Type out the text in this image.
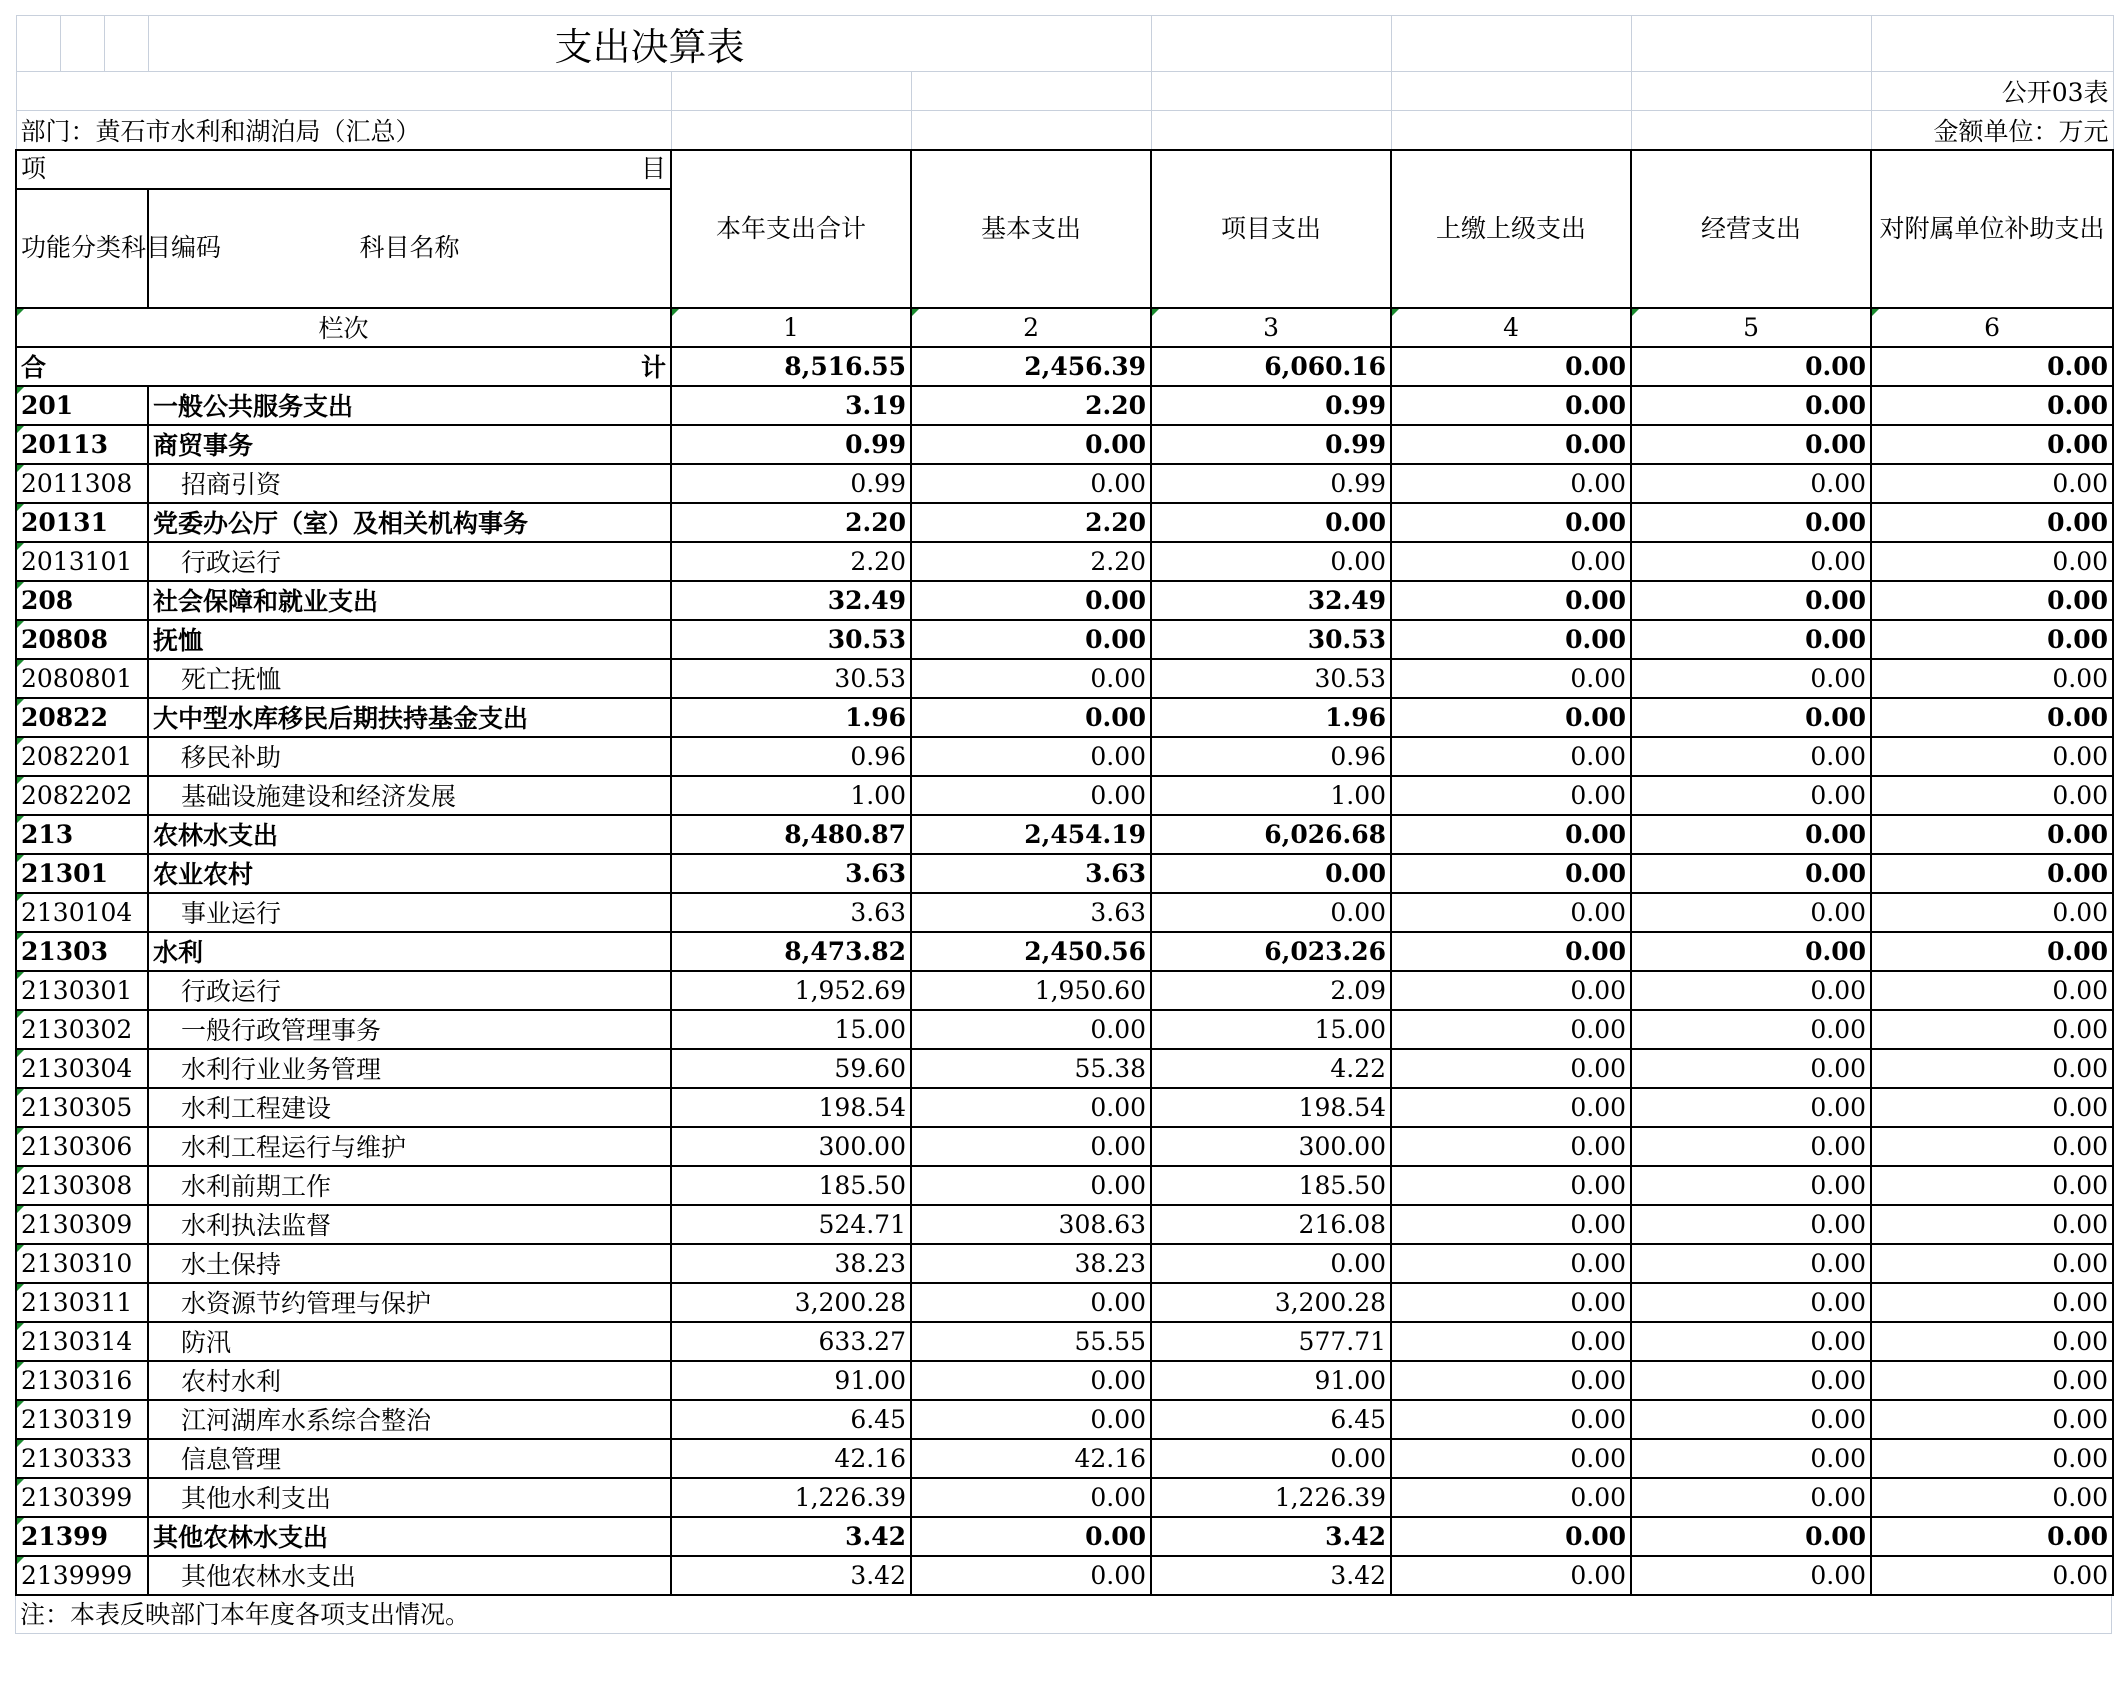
			支出决算表						
									公开03表
部门：黄石市水利和湖泊局（汇总）									金额单位：万元
项 目				本年支出合计	基本支出	项目支出	上缴上级支出	经营支出	对附属单位补助支出
功能分类科目编码			科目名称						
栏次				1	2	3	4	5	6
合 计				8,516.55	2,456.39	6,060.16	0.00	0.00	0.00
201			一般公共服务支出	3.19	2.20	0.99	0.00	0.00	0.00
20113			商贸事务	0.99	0.00	0.99	0.00	0.00	0.00
2011308			招商引资	0.99	0.00	0.99	0.00	0.00	0.00
20131			党委办公厅（室）及相关机构事务	2.20	2.20	0.00	0.00	0.00	0.00
2013101			行政运行	2.20	2.20	0.00	0.00	0.00	0.00
208			社会保障和就业支出	32.49	0.00	32.49	0.00	0.00	0.00
20808			抚恤	30.53	0.00	30.53	0.00	0.00	0.00
2080801			死亡抚恤	30.53	0.00	30.53	0.00	0.00	0.00
20822			大中型水库移民后期扶持基金支出	1.96	0.00	1.96	0.00	0.00	0.00
2082201			移民补助	0.96	0.00	0.96	0.00	0.00	0.00
2082202			基础设施建设和经济发展	1.00	0.00	1.00	0.00	0.00	0.00
213			农林水支出	8,480.87	2,454.19	6,026.68	0.00	0.00	0.00
21301			农业农村	3.63	3.63	0.00	0.00	0.00	0.00
2130104			事业运行	3.63	3.63	0.00	0.00	0.00	0.00
21303			水利	8,473.82	2,450.56	6,023.26	0.00	0.00	0.00
2130301			行政运行	1,952.69	1,950.60	2.09	0.00	0.00	0.00
2130302			一般行政管理事务	15.00	0.00	15.00	0.00	0.00	0.00
2130304			水利行业业务管理	59.60	55.38	4.22	0.00	0.00	0.00
2130305			水利工程建设	198.54	0.00	198.54	0.00	0.00	0.00
2130306			水利工程运行与维护	300.00	0.00	300.00	0.00	0.00	0.00
2130308			水利前期工作	185.50	0.00	185.50	0.00	0.00	0.00
2130309			水利执法监督	524.71	308.63	216.08	0.00	0.00	0.00
2130310			水土保持	38.23	38.23	0.00	0.00	0.00	0.00
2130311			水资源节约管理与保护	3,200.28	0.00	3,200.28	0.00	0.00	0.00
2130314			防汛	633.27	55.55	577.71	0.00	0.00	0.00
2130316			农村水利	91.00	0.00	91.00	0.00	0.00	0.00
2130319			江河湖库水系综合整治	6.45	0.00	6.45	0.00	0.00	0.00
2130333			信息管理	42.16	42.16	0.00	0.00	0.00	0.00
2130399			其他水利支出	1,226.39	0.00	1,226.39	0.00	0.00	0.00
21399			其他农林水支出	3.42	0.00	3.42	0.00	0.00	0.00
2139999			其他农林水支出	3.42	0.00	3.42	0.00	0.00	0.00
注：本表反映部门本年度各项支出情况。
